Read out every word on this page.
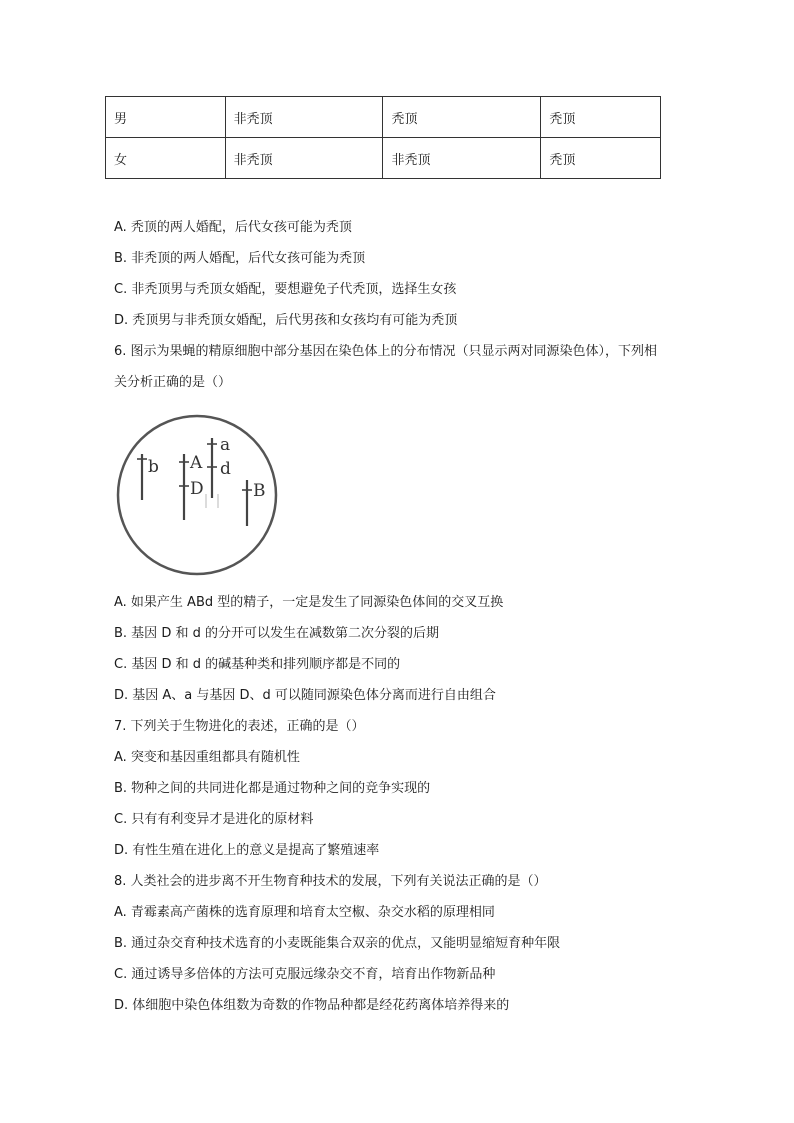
男	非秃顶	秃顶	秃顶
女	非秃顶	非秃顶	秃顶
A. 秃顶的两人婚配，后代女孩可能为秃顶
B. 非秃顶的两人婚配，后代女孩可能为秃顶
C. 非秃顶男与秃顶女婚配，要想避免子代秃顶，选择生女孩
D. 秃顶男与非秃顶女婚配，后代男孩和女孩均有可能为秃顶
6. 图示为果蝇的精原细胞中部分基因在染色体上的分布情况（只显示两对同源染色体），下列相
关分析正确的是（）
b A
D
a
d
B
A. 如果产生 ABd 型的精子，一定是发生了同源染色体间的交叉互换
B. 基因 D 和 d 的分开可以发生在减数第二次分裂的后期
C. 基因 D 和 d 的碱基种类和排列顺序都是不同的
D. 基因 A、a 与基因 D、d 可以随同源染色体分离而进行自由组合
7. 下列关于生物进化的表述，正确的是（）
A. 突变和基因重组都具有随机性
B. 物种之间的共同进化都是通过物种之间的竞争实现的
C. 只有有利变异才是进化的原材料
D. 有性生殖在进化上的意义是提高了繁殖速率
8. 人类社会的进步离不开生物育种技术的发展，下列有关说法正确的是（）
A. 青霉素高产菌株的选育原理和培育太空椒、杂交水稻的原理相同
B. 通过杂交育种技术选育的小麦既能集合双亲的优点，又能明显缩短育种年限
C. 通过诱导多倍体的方法可克服远缘杂交不育，培育出作物新品种
D. 体细胞中染色体组数为奇数的作物品种都是经花药离体培养得来的
